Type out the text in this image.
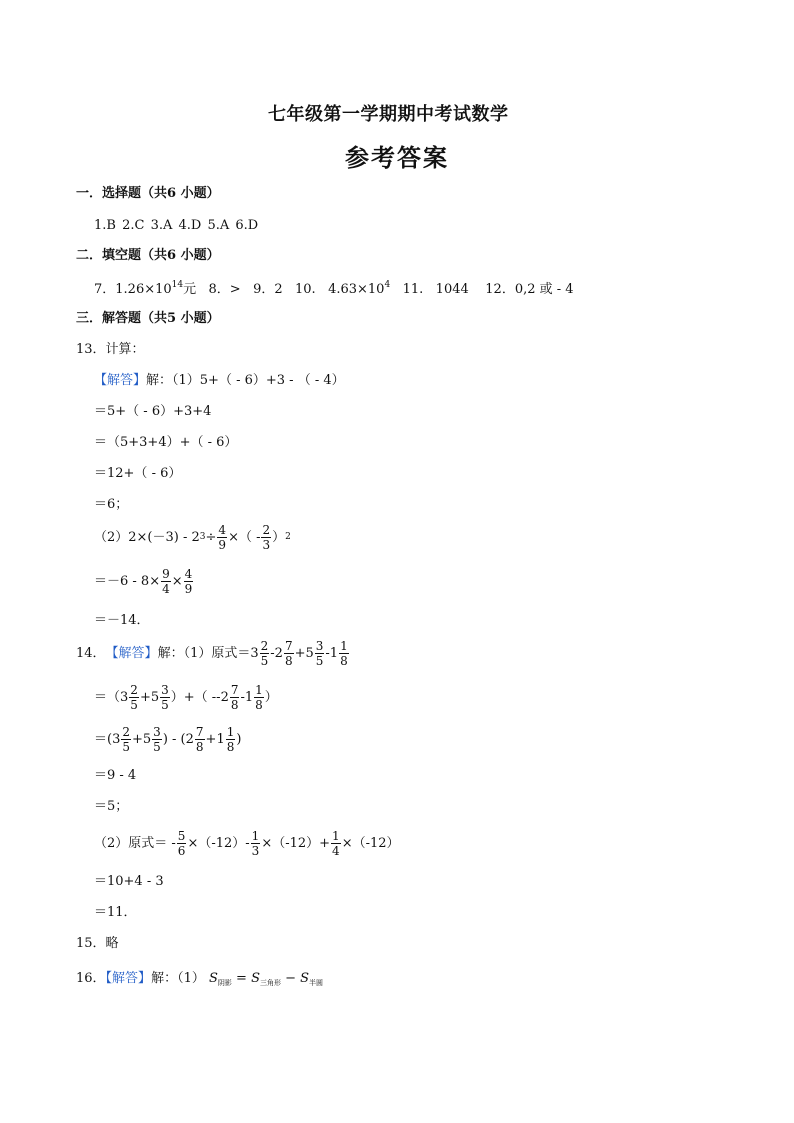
七年级第一学期期中考试数学
参考答案
一．选择题（共6 小题）
1.B 2.C 3.A 4.D 5.A 6.D
二．填空题（共6 小题）
7．$1.26\times 10^{14}$元   8．>   9．2   10.   $4.63\times 10^4$   11.   1044    12．0,2 或 - 4
三．解答题（共5 小题）
13．计算：
【解答】解：（1）5+（ - 6）+3 - （ - 4）
＝5+（ - 6）+3+4
＝（5+3+4）+（ - 6）
＝12+（ - 6）
＝6；
（2）2×(－3) - 2 $3 \div \frac{4}{9}$ ×（ - $\frac{2}{3}$ ） 2
$=-6 - 8\times \frac{9}{4} \times \frac{4}{9}$
＝－14．
14． 【解答】 解：（1）原式＝ $3 \frac{2}{5} -2 \frac{7}{8} +5 \frac{3}{5} -1 \frac{1}{8}$
＝（ $3 \frac{2}{5} +5 \frac{3}{5}$ ）+（ - $-2 \frac{7}{8} -1 \frac{1}{8}$ ）
＝( $3 \frac{2}{5} +5 \frac{3}{5}$ ) - ( $2 \frac{7}{8} + 1 \frac{1}{8}$ )
＝9 - 4
＝5；
（2）原式＝ - $\frac{5}{6} \times(-12)- \frac{1}{3} \times(-12)+ \frac{1}{4} \times(-12)$
＝10+4 - 3
＝11．
15．略
16．【解答】解：（1） $S_{阴影} = S_{三角形} - S_{半圆}$
